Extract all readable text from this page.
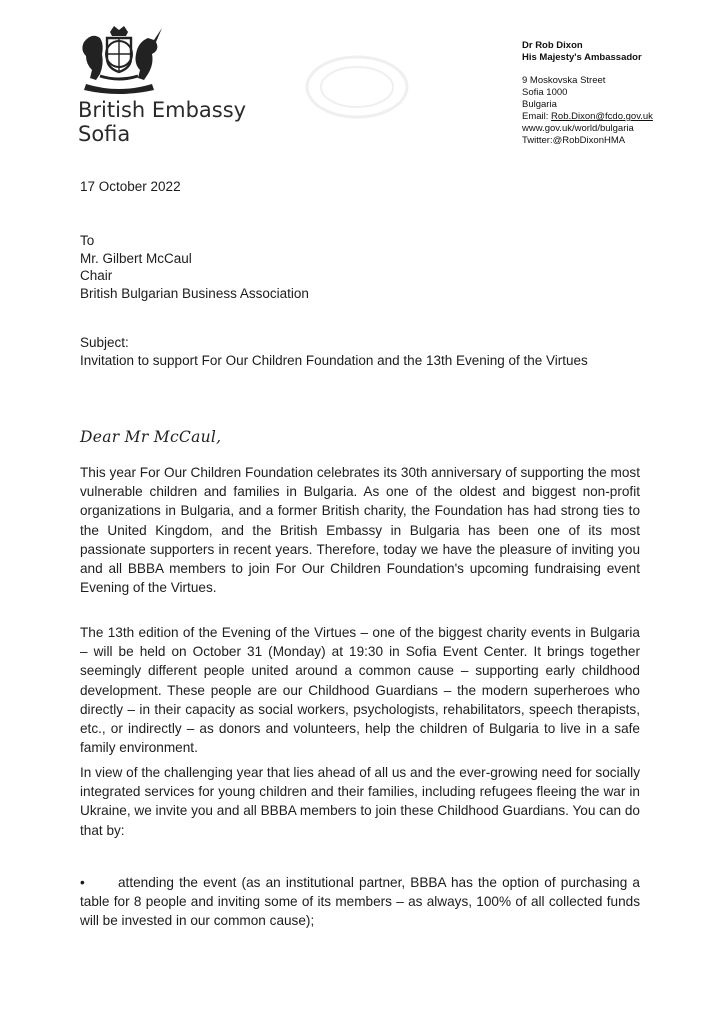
British Embassy
Sofia
Dr Rob Dixon
His Majesty's Ambassador
9 Moskovska Street
Sofia 1000
Bulgaria
Email: Rob.Dixon@fcdo.gov.uk
www.gov.uk/world/bulgaria
Twitter:@RobDixonHMA
17 October 2022
To
Mr. Gilbert McCaul
Chair
British Bulgarian Business Association
Subject:
Invitation to support For Our Children Foundation and the 13th Evening of the Virtues
Dear Mr McCaul,
This year For Our Children Foundation celebrates its 30th anniversary of supporting the most vulnerable children and families in Bulgaria. As one of the oldest and biggest non-profit organizations in Bulgaria, and a former British charity, the Foundation has had strong ties to the United Kingdom, and the British Embassy in Bulgaria has been one of its most passionate supporters in recent years. Therefore, today we have the pleasure of inviting you and all BBBA members to join For Our Children Foundation's upcoming fundraising event Evening of the Virtues.
The 13th edition of the Evening of the Virtues – one of the biggest charity events in Bulgaria – will be held on October 31 (Monday) at 19:30 in Sofia Event Center. It brings together seemingly different people united around a common cause – supporting early childhood development. These people are our Childhood Guardians – the modern superheroes who directly – in their capacity as social workers, psychologists, rehabilitators, speech therapists, etc., or indirectly – as donors and volunteers, help the children of Bulgaria to live in a safe family environment.
In view of the challenging year that lies ahead of all us and the ever-growing need for socially integrated services for young children and their families, including refugees fleeing the war in Ukraine, we invite you and all BBBA members to join these Childhood Guardians. You can do that by:
• attending the event (as an institutional partner, BBBA has the option of purchasing a table for 8 people and inviting some of its members – as always, 100% of all collected funds will be invested in our common cause);
